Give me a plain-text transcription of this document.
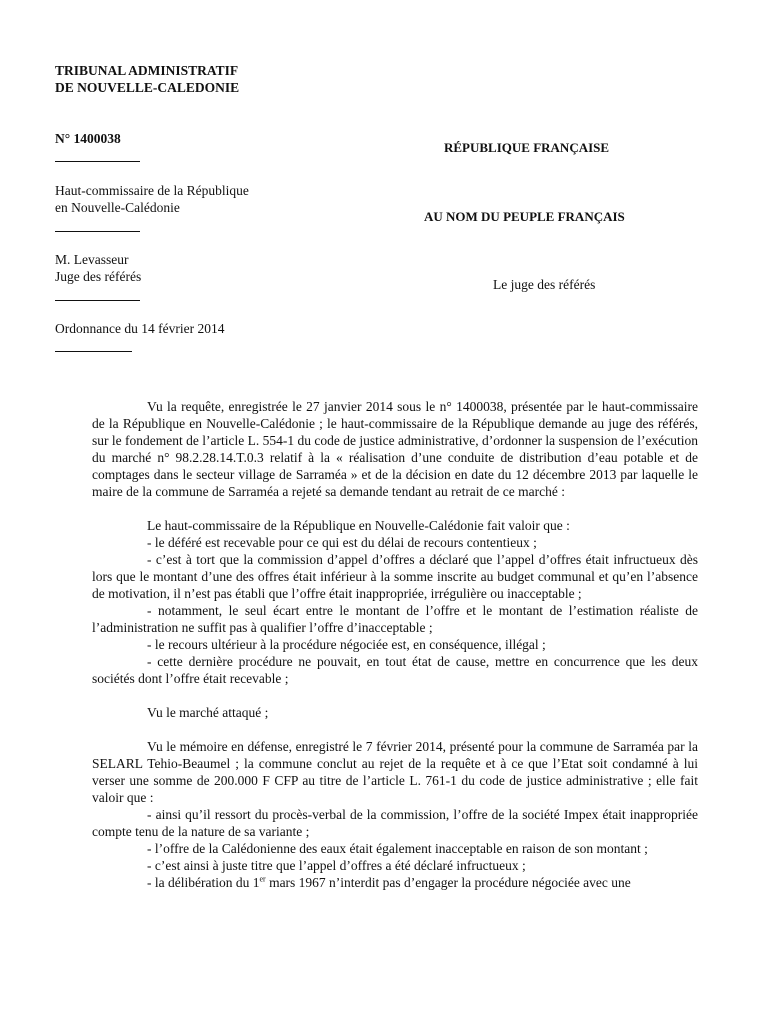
TRIBUNAL ADMINISTRATIF
DE NOUVELLE-CALEDONIE
N° 1400038
Haut-commissaire de la République
en Nouvelle-Calédonie
M. Levasseur
Juge des référés
Ordonnance du 14 février 2014
RÉPUBLIQUE FRANÇAISE
AU NOM DU PEUPLE FRANÇAIS
Le juge des référés

Vu la requête, enregistrée le 27 janvier 2014 sous le n° 1400038, présentée par le haut-commissaire de la République en Nouvelle-Calédonie ; le haut-commissaire de la République demande au juge des référés, sur le fondement de l’article L. 554-1 du code de justice administrative, d’ordonner la suspension de l’exécution du marché n° 98.2.28.14.T.0.3 relatif à la « réalisation d’une conduite de distribution d’eau potable et de comptages dans le secteur village de Sarraméa » et de la décision en date du 12 décembre 2013 par laquelle le maire de la commune de Sarraméa a rejeté sa demande tendant au retrait de ce marché :

Le haut-commissaire de la République en Nouvelle-Calédonie fait valoir que :

- le déféré est recevable pour ce qui est du délai de recours contentieux ;

- c’est à tort que la commission d’appel d’offres a déclaré que l’appel d’offres était infructueux dès lors que le montant d’une des offres était inférieur à la somme inscrite au budget communal et qu’en l’absence de motivation, il n’est pas établi que l’offre était inappropriée, irrégulière ou inacceptable ;

- notamment, le seul écart entre le montant de l’offre et le montant de l’estimation réaliste de l’administration ne suffit pas à qualifier l’offre d’inacceptable ;

- le recours ultérieur à la procédure négociée est, en conséquence, illégal ;

- cette dernière procédure ne pouvait, en tout état de cause, mettre en concurrence que les deux sociétés dont l’offre était recevable ;

Vu le marché attaqué ;

Vu le mémoire en défense, enregistré le 7 février 2014, présenté pour la commune de Sarraméa par la SELARL Tehio-Beaumel ; la commune conclut au rejet de la requête et à ce que l’Etat soit condamné à lui verser une somme de 200.000 F CFP au titre de l’article L. 761-1 du code de justice administrative ; elle fait valoir que :

- ainsi qu’il ressort du procès-verbal de la commission, l’offre de la société Impex était inappropriée compte tenu de la nature de sa variante ;

- l’offre de la Calédonienne des eaux était également inacceptable en raison de son montant ;

- c’est ainsi à juste titre que l’appel d’offres a été déclaré infructueux ;

- la délibération du 1er mars 1967 n’interdit pas d’engager la procédure négociée avec une
